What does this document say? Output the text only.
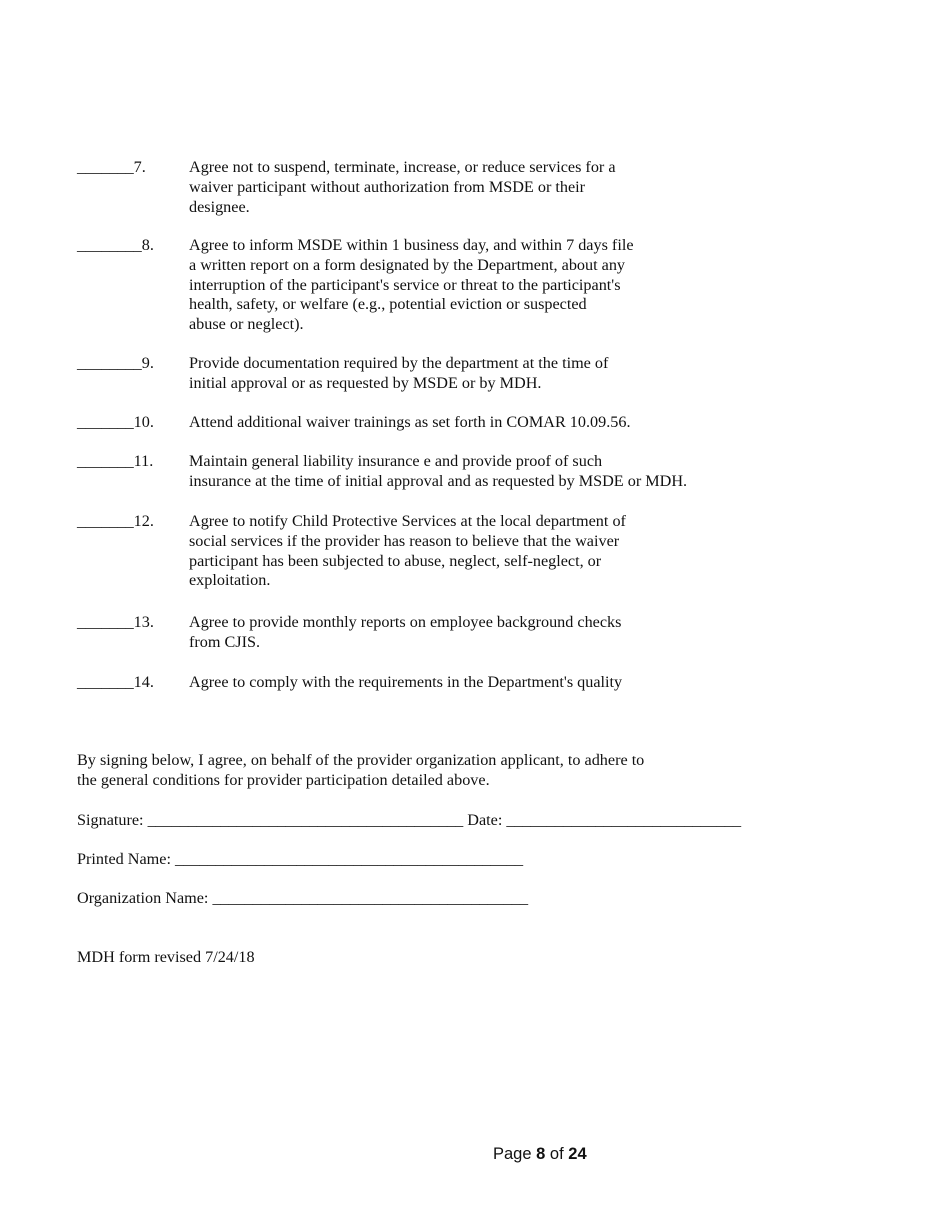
_______7.	Agree not to suspend, terminate, increase, or reduce services for a
waiver participant without authorization from MSDE or their
designee.
________8. Agree to inform MSDE within 1 business day, and within 7 days file
a written report on a form designated by the Department, about any
interruption of the participant's service or threat to the participant's
health, safety, or welfare (e.g., potential eviction or suspected
abuse or neglect).
________9. Provide documentation required by the department at the time of
initial approval or as requested by MSDE or by MDH.
_______10. Attend additional waiver trainings as set forth in COMAR 10.09.56.
_______11. Maintain general liability insurance e and provide proof of such
insurance at the time of initial approval and as requested by MSDE or MDH.
_______12. Agree to notify Child Protective Services at the local department of
social services if the provider has reason to believe that the waiver
participant has been subjected to abuse, neglect, self-neglect, or
exploitation.
_______13. Agree to provide monthly reports on employee background checks
from CJIS.
_______14. Agree to comply with the requirements in the Department's quality
By signing below, I agree, on behalf of the provider organization applicant, to adhere to
the general conditions for provider participation detailed above.
Signature: _______________________________________ Date: _____________________________
Printed Name: ___________________________________________
Organization Name: _______________________________________
MDH form revised 7/24/18
Page 8 of 24
